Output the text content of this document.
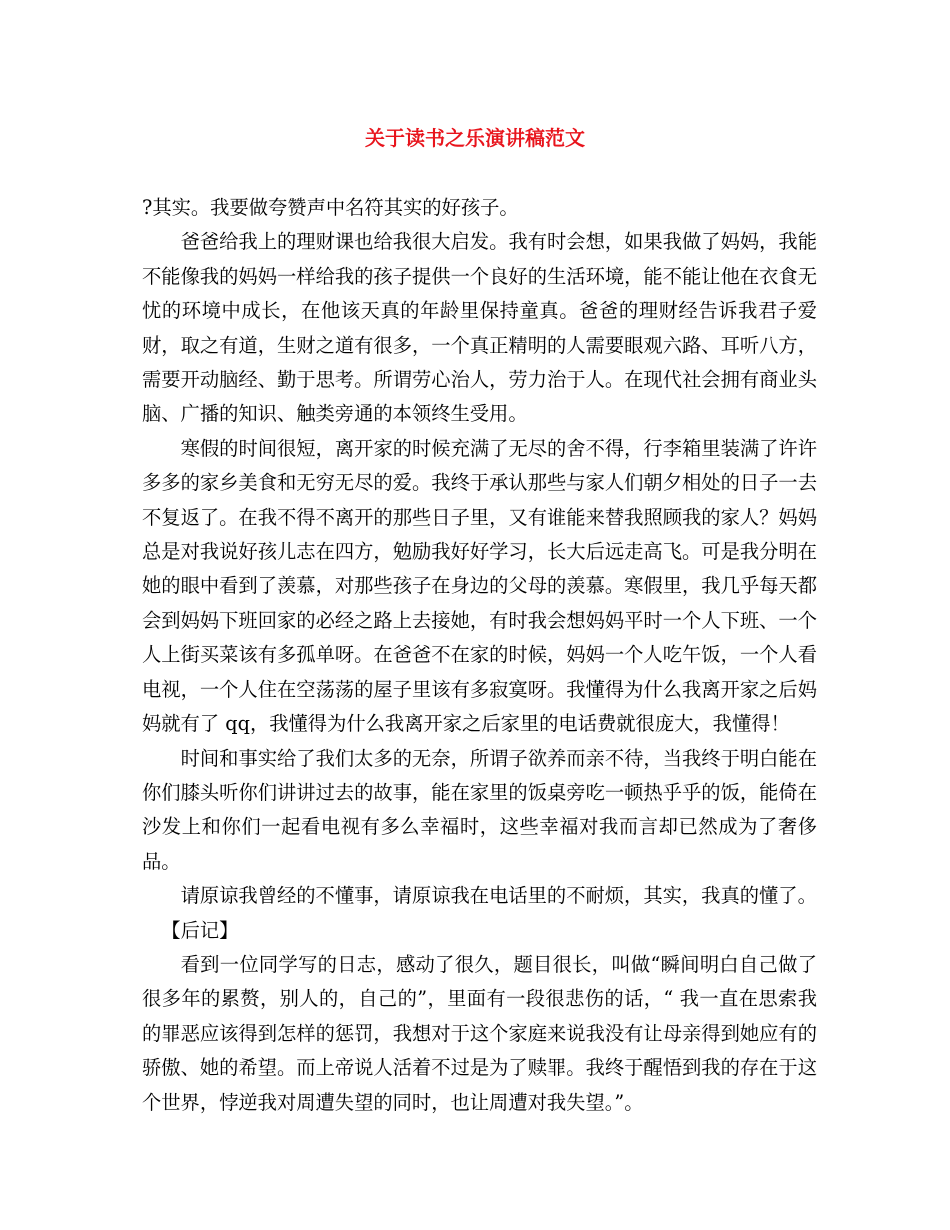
关于读书之乐演讲稿范文

?其实。我要做夸赞声中名符其实的好孩子。

爸爸给我上的理财课也给我很大启发。我有时会想，如果我做了妈妈，我能不能像我的妈妈一样给我的孩子提供一个良好的生活环境，能不能让他在衣食无忧的环境中成长，在他该天真的年龄里保持童真。爸爸的理财经告诉我君子爱财，取之有道，生财之道有很多，一个真正精明的人需要眼观六路、耳听八方，需要开动脑经、勤于思考。所谓劳心治人，劳力治于人。在现代社会拥有商业头脑、广播的知识、触类旁通的本领终生受用。

寒假的时间很短，离开家的时候充满了无尽的舍不得，行李箱里装满了许许多多的家乡美食和无穷无尽的爱。我终于承认那些与家人们朝夕相处的日子一去不复返了。在我不得不离开的那些日子里，又有谁能来替我照顾我的家人？妈妈总是对我说好孩儿志在四方，勉励我好好学习，长大后远走高飞。可是我分明在她的眼中看到了羡慕，对那些孩子在身边的父母的羡慕。寒假里，我几乎每天都会到妈妈下班回家的必经之路上去接她，有时我会想妈妈平时一个人下班、一个人上街买菜该有多孤单呀。在爸爸不在家的时候，妈妈一个人吃午饭，一个人看电视，一个人住在空荡荡的屋子里该有多寂寞呀。我懂得为什么我离开家之后妈妈就有了 qq，我懂得为什么我离开家之后家里的电话费就很庞大，我懂得！

时间和事实给了我们太多的无奈，所谓子欲养而亲不待，当我终于明白能在你们膝头听你们讲讲过去的故事，能在家里的饭桌旁吃一顿热乎乎的饭，能倚在沙发上和你们一起看电视有多么幸福时，这些幸福对我而言却已然成为了奢侈品。

请原谅我曾经的不懂事，请原谅我在电话里的不耐烦，其实，我真的懂了。

【后记】

看到一位同学写的日志，感动了很久，题目很长，叫做“瞬间明白自己做了很多年的累赘，别人的，自己的”，里面有一段很悲伤的话，“ 我一直在思索我的罪恶应该得到怎样的惩罚，我想对于这个家庭来说我没有让母亲得到她应有的骄傲、她的希望。而上帝说人活着不过是为了赎罪。我终于醒悟到我的存在于这个世界，悖逆我对周遭失望的同时，也让周遭对我失望。”。
